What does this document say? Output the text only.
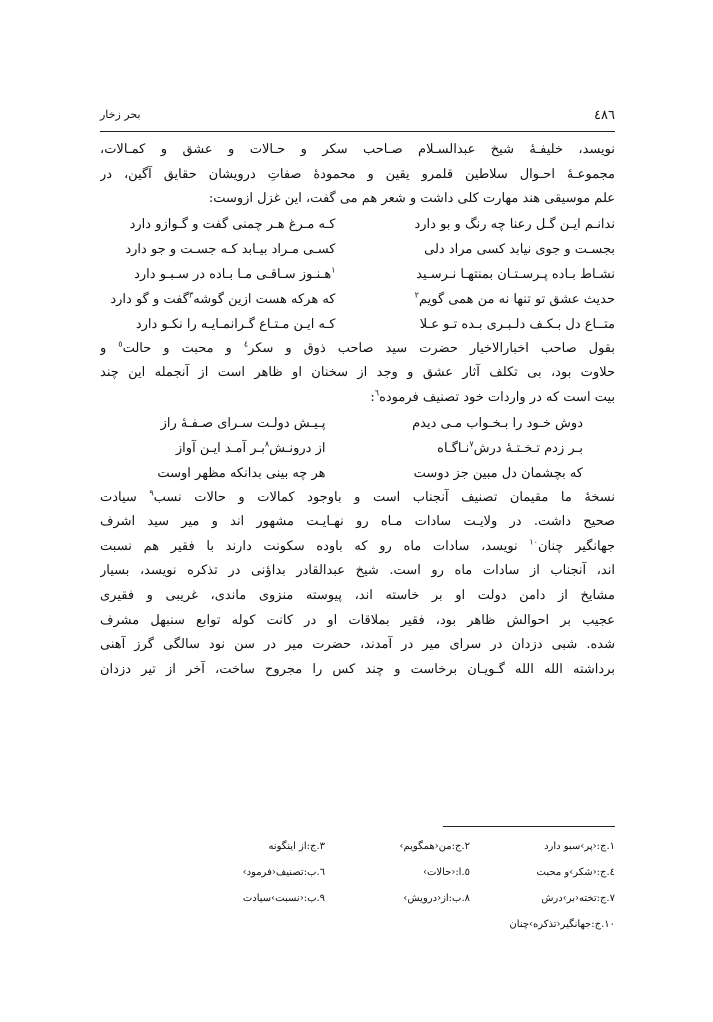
٤٨٦
بحر زخار
نویسد، خلیفـهٔ شیخ عبدالسـلام صـاحب سکر و حـالات و عشق و کمـالات،
مجموعـهٔ احـوال سلاطین قلمرو یقین و محمودهٔ صفاتِ درویشان حقایق آگین، در
علم موسیقی هند مهارت کلی داشت و شعر هم می گفت، این غزل ازوست:
ندانـم ایـن گـل رعنا چه رنگ و بو دارد
کـه مـرغ هـر چمنی گفت و گـوازو دارد
بجسـت و جوی نیابد کسی مراد دلی
کسـی مـراد بیـابد کـه جسـت و جو دارد
نشـاط بـاده پـرسـتـان بمنتهـا نـرسـید
$^١$هـنـوز سـاقـی مـا بـاده در سـبـو دارد
حدیث عشق تو تنها نه من همی گویم$^٢$
که هرکه هست ازین گوشه$^٣$گفت و گو دارد
متــاع دل بـکـف دلـبـری بـده تـو عـلا
کـه ایـن مـتـاع گـرانمـایـه را نکـو دارد
بقول صاحب اخبارالاخیار حضرت سید صاحب ذوق و سکر$^٤$ و محبت و حالت$^٥$ و
حلاوت بود، بی تکلف آثار عشق و وجد از سخنان او ظاهر است از آنجمله این چند
بیت است که در واردات خود تصنیف فرموده$^٦$:
دوش خـود را بـخـواب مـی دیدم
پـیـش دولـت سـرای صـفـهٔ راز
بـر زدم تـخـتـهٔ درش$^٧$نـاگـاه
از درونـش$^٨$بـر آمـد ایـن آواز
که بچشمان دل مبین جز دوست
هر چه بینی بدانکه مظهر اوست
نسخهٔ ما مقیمان تصنیف آنجناب است و باوجود کمالات و حالات نسب$^٩$ سیادت
صحیح داشت. در ولایـت سادات مـاه رو نهـایـت مشهور اند و میر سید اشرف
جهانگیر چنان$^{١٠}$ نویسد، سادات ماه رو که باوده سکونت دارند با فقیر هم نسبت
اند، آنجناب از سادات ماه رو است. شیخ عبدالقادر بداؤنی در تذکره نویسد، بسیار
مشایخ از دامن دولت او بر خاسته اند، پیوسته منزوی ماندی، غریبی و فقیری
عجیب بر احوالش ظاهر بود، فقیر بملاقات او در کانت کوله توابع سنبهل مشرف
شده. شبی دزدان در سرای میر در آمدند، حضرت میر در سن نود سالگی گرز آهنی
برداشته الله الله گـویـان برخاست و چند کس را مجروح ساخت، آخر از تیر دزدان
١.ج:‹پر›سبو دارد
٢.ج:من‹همگویم›
٣.ج:از اینگونه
٤.ج:‹شکر›و محبت
٥.ا:‹حالات›
٦.ب:تصنیف‹فرمود›
٧.ج:تخته‹بر›درش
٨.ب:از‹درویش›
٩.ب:‹نسبت›سیادت
١٠.ج:جهانگیر‹تذکره›چنان
